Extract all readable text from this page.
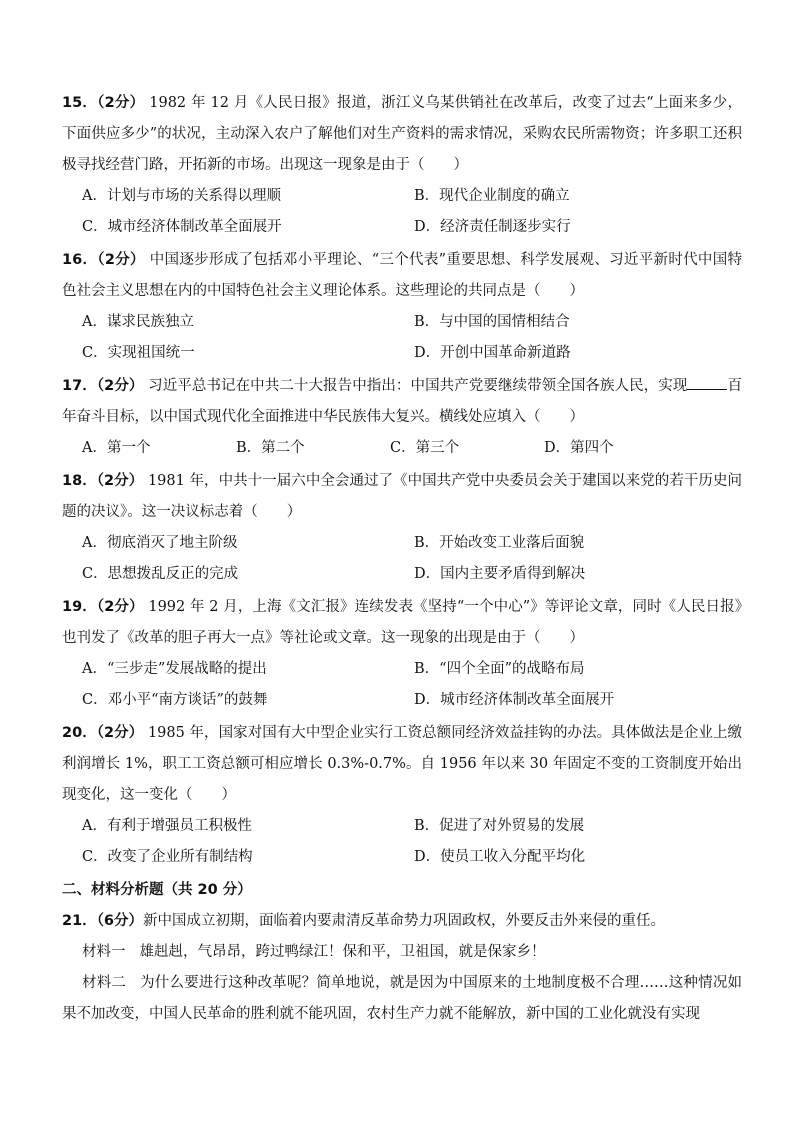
15．（2分） 1982 年 12 月《人民日报》报道，浙江义乌某供销社在改革后，改变了过去“上面来多少，下面供应多少”的状况，主动深入农户了解他们对生产资料的需求情况，采购农民所需物资；许多职工还积极寻找经营门路，开拓新的市场。出现这一现象是由于（　　）
A．计划与市场的关系得以理顺	B．现代企业制度的确立
C．城市经济体制改革全面展开	D．经济责任制逐步实行
16．（2分） 中国逐步形成了包括邓小平理论、“三个代表”重要思想、科学发展观、习近平新时代中国特色社会主义思想在内的中国特色社会主义理论体系。这些理论的共同点是（　　）
A．谋求民族独立	B．与中国的国情相结合
C．实现祖国统一	D．开创中国革命新道路
17．（2分） 习近平总书记在中共二十大报告中指出：中国共产党要继续带领全国各族人民，实现	百年奋斗目标，以中国式现代化全面推进中华民族伟大复兴。横线处应填入（　　）
A．第一个	B．第二个	C．第三个	D．第四个
18．（2分） 1981 年，中共十一届六中全会通过了《中国共产党中央委员会关于建国以来党的若干历史问题的决议》。这一决议标志着（　　）
A．彻底消灭了地主阶级	B．开始改变工业落后面貌
C．思想拨乱反正的完成	D．国内主要矛盾得到解决
19．（2分） 1992 年 2 月，上海《文汇报》连续发表《坚持“一个中心”》等评论文章，同时《人民日报》也刊发了《改革的胆子再大一点》等社论或文章。这一现象的出现是由于（　　）
A．“三步走”发展战略的提出	B．“四个全面”的战略布局
C．邓小平“南方谈话”的鼓舞	D．城市经济体制改革全面展开
20．（2分） 1985 年，国家对国有大中型企业实行工资总额同经济效益挂钩的办法。具体做法是企业上缴利润增长 1%，职工工资总额可相应增长 0.3%-0.7%。自 1956 年以来 30 年固定不变的工资制度开始出现变化，这一变化（　　）
A．有利于增强员工积极性	B．促进了对外贸易的发展
C．改变了企业所有制结构	D．使员工收入分配平均化
二、材料分析题（共 20 分）
21．（6分）新中国成立初期，面临着内要肃清反革命势力巩固政权，外要反击外来侵的重任。
材料一 雄赳赳，气昂昂，跨过鸭绿江！保和平，卫祖国，就是保家乡！
材料二 为什么要进行这种改革呢？简单地说，就是因为中国原来的土地制度极不合理……这种情况如果不加改变，中国人民革命的胜利就不能巩固，农村生产力就不能解放，新中国的工业化就没有实现
